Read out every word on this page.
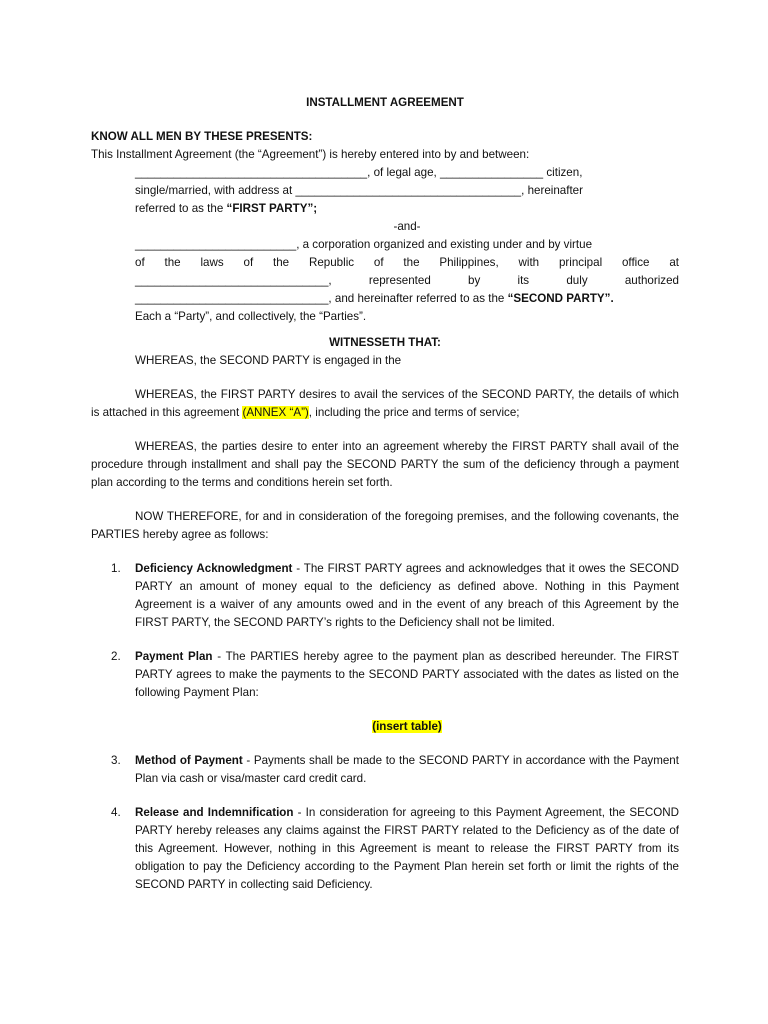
INSTALLMENT AGREEMENT

KNOW ALL MEN BY THESE PRESENTS:

This Installment Agreement (the “Agreement”) is hereby entered into by and between:

____________________________________, of legal age, ________________ citizen,

single/married, with address at ___________________________________, hereinafter

referred to as the “FIRST PARTY”;

-and-

_________________________, a corporation organized and existing under and by virtue

of the laws of the Republic of the Philippines, with principal office at

______________________________, represented by its duly authorized

______________________________, and hereinafter referred to as the “SECOND PARTY”.

Each a “Party”, and collectively, the “Parties”.

WITNESSETH THAT:

WHEREAS, the SECOND PARTY is engaged in the

WHEREAS, the FIRST PARTY desires to avail the services of the SECOND PARTY, the details of which is attached in this agreement (ANNEX “A”), including the price and terms of service;

WHEREAS, the parties desire to enter into an agreement whereby the FIRST PARTY shall avail of the procedure through installment and shall pay the SECOND PARTY the sum of the deficiency through a payment plan according to the terms and conditions herein set forth.

NOW THEREFORE, for and in consideration of the foregoing premises, and the following covenants, the PARTIES hereby agree as follows:

1. Deficiency Acknowledgment - The FIRST PARTY agrees and acknowledges that it owes the SECOND PARTY an amount of money equal to the deficiency as defined above. Nothing in this Payment Agreement is a waiver of any amounts owed and in the event of any breach of this Agreement by the FIRST PARTY, the SECOND PARTY’s rights to the Deficiency shall not be limited.
2. Payment Plan - The PARTIES hereby agree to the payment plan as described hereunder. The FIRST PARTY agrees to make the payments to the SECOND PARTY associated with the dates as listed on the following Payment Plan:

(insert table)

3. Method of Payment - Payments shall be made to the SECOND PARTY in accordance with the Payment Plan via cash or visa/master card credit card.
4. Release and Indemnification - In consideration for agreeing to this Payment Agreement, the SECOND PARTY hereby releases any claims against the FIRST PARTY related to the Deficiency as of the date of this Agreement. However, nothing in this Agreement is meant to release the FIRST PARTY from its obligation to pay the Deficiency according to the Payment Plan herein set forth or limit the rights of the SECOND PARTY in collecting said Deficiency.
